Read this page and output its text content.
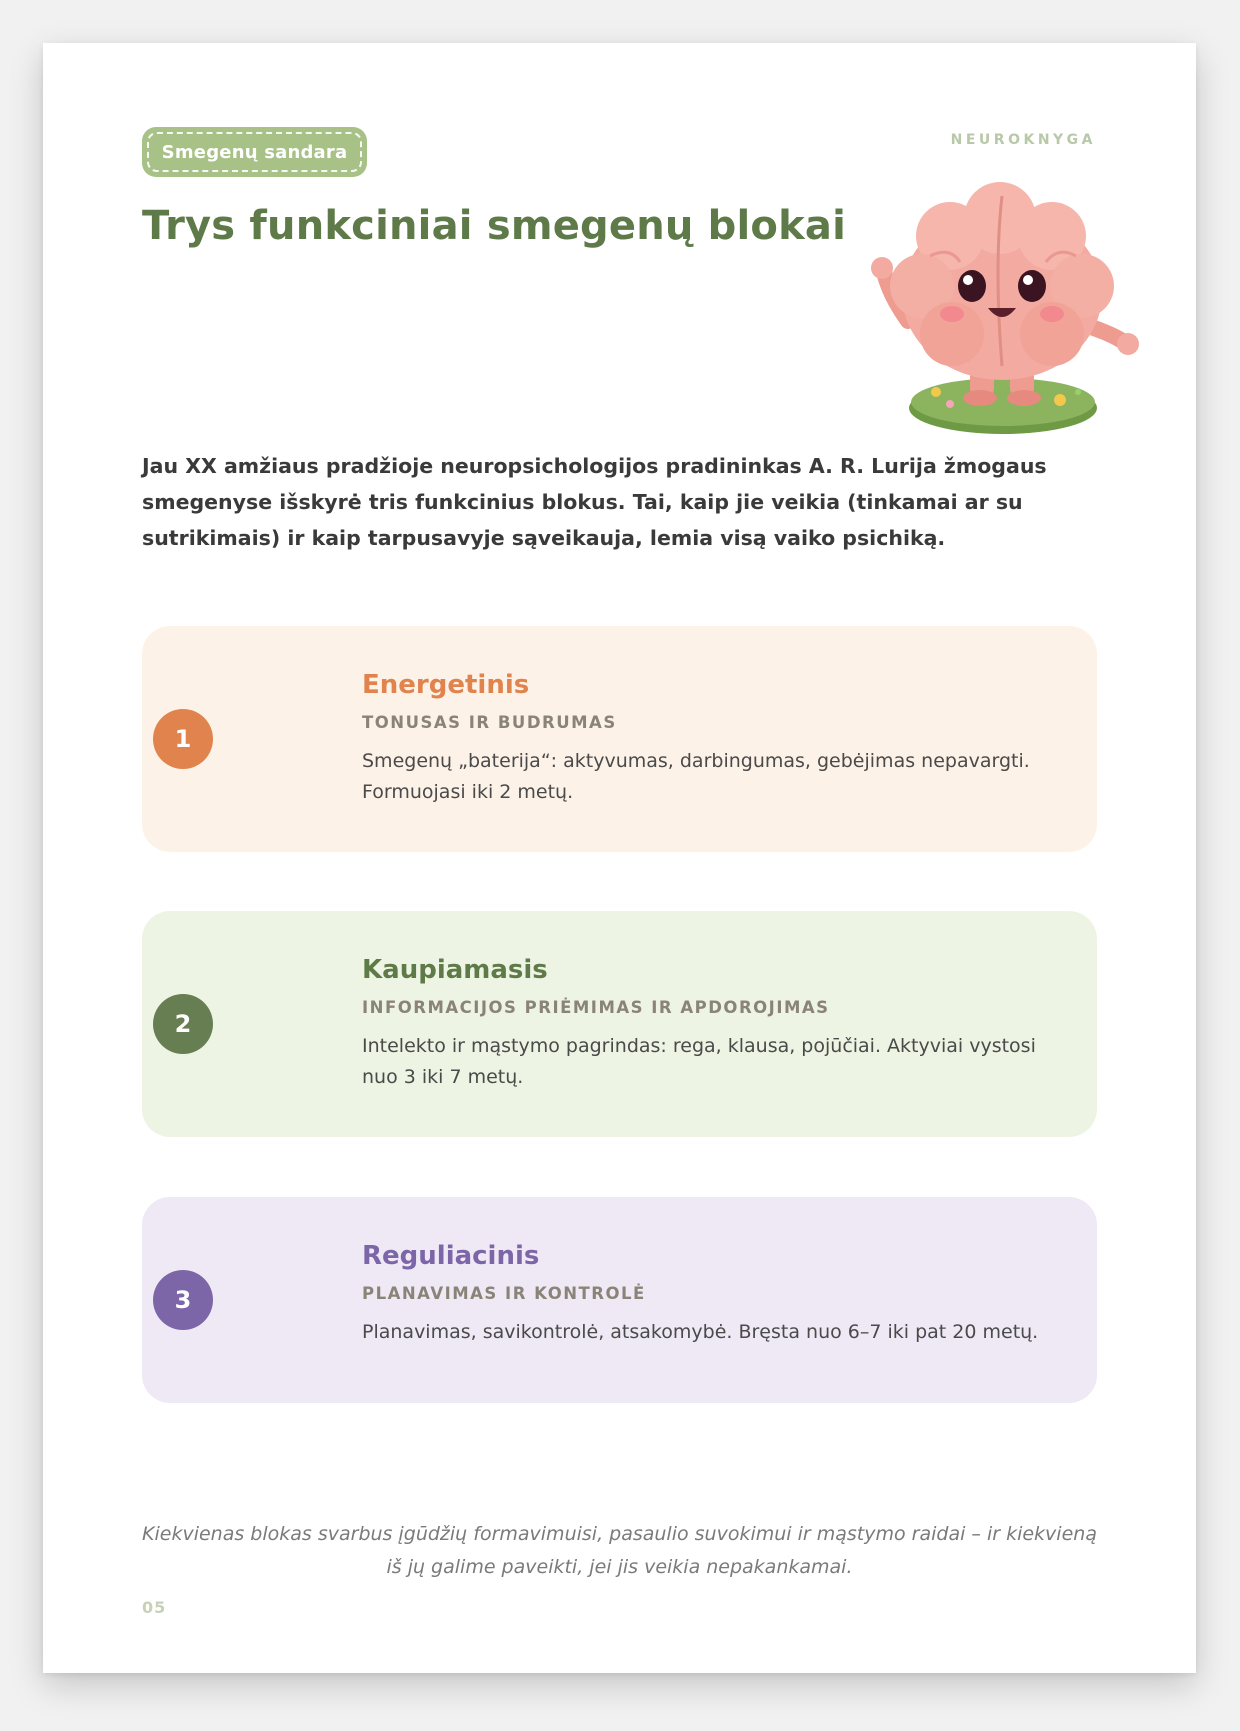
Smegenų sandara
NEUROKNYGA
Trys funkciniai smegenų blokai

Jau XX amžiaus pradžioje neuropsichologijos pradininkas A. R. Lurija žmogaus smegenyse išskyrė tris funkcinius blokus. Tai, kaip jie veikia (tinkamai ar su sutrikimais) ir kaip tarpusavyje sąveikauja, lemia visą vaiko psichiką.

1
Energetinis
TONUSAS IR BUDRUMAS
Smegenų „baterija“: aktyvumas, darbingumas, gebėjimas nepavargti. Formuojasi iki 2 metų.
2
Kaupiamasis
INFORMACIJOS PRIĖMIMAS IR APDOROJIMAS
Intelekto ir mąstymo pagrindas: rega, klausa, pojūčiai. Aktyviai vystosi nuo 3 iki 7 metų.
3
Reguliacinis
PLANAVIMAS IR KONTROLĖ
Planavimas, savikontrolė, atsakomybė. Bręsta nuo 6–7 iki pat 20 metų.

Kiekvienas blokas svarbus įgūdžių formavimuisi, pasaulio suvokimui ir mąstymo raidai – ir kiekvieną iš jų galime paveikti, jei jis veikia nepakankamai.

05
